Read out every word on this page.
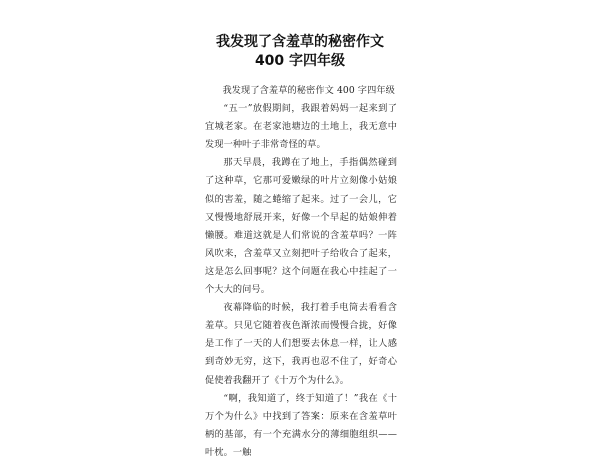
我发现了含羞草的秘密作文 400 字四年级

我发现了含羞草的秘密作文 400 字四年级

“五一”放假期间，我跟着妈妈一起来到了宜城老家。在老家池塘边的土地上，我无意中发现一种叶子非常奇怪的草。

那天早晨，我蹲在了地上，手指偶然碰到了这种草，它那可爱嫩绿的叶片立刻像小姑娘似的害羞，随之蜷缩了起来。过了一会儿，它又慢慢地舒展开来，好像一个早起的姑娘伸着懒腰。难道这就是人们常说的含羞草吗？一阵风吹来，含羞草又立刻把叶子给收合了起来，这是怎么回事呢？这个问题在我心中挂起了一个大大的问号。

夜幕降临的时候，我打着手电筒去看看含羞草。只见它随着夜色渐浓而慢慢合拢，好像是工作了一天的人们想要去休息一样，让人感到奇妙无穷，这下，我再也忍不住了，好奇心促使着我翻开了《十万个为什么》。

“啊，我知道了，终于知道了！”我在《十万个为什么》中找到了答案：原来在含羞草叶柄的基部，有一个充满水分的薄细胞组织——叶枕。一触
